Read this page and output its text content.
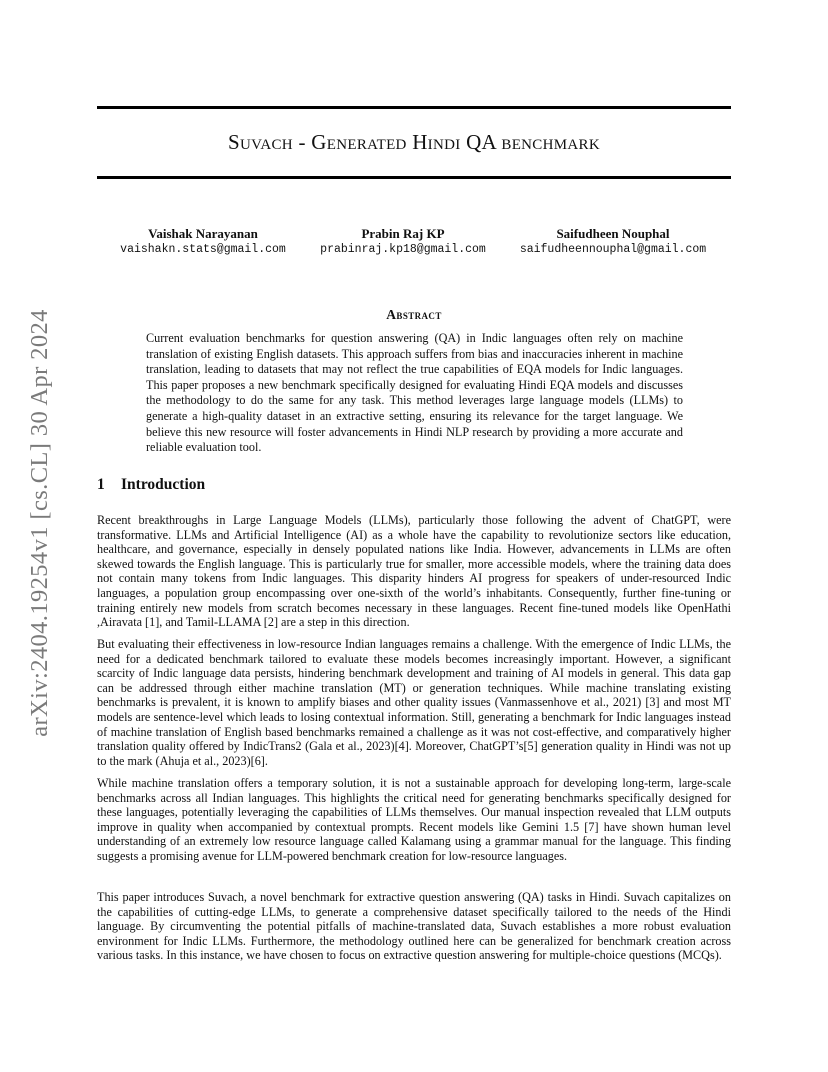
arXiv:2404.19254v1 [cs.CL] 30 Apr 2024
Suvach - Generated Hindi QA benchmark
Vaishak Narayanan
vaishakn.stats@gmail.com
Prabin Raj KP
prabinraj.kp18@gmail.com
Saifudheen Nouphal
saifudheennouphal@gmail.com
Abstract

Current evaluation benchmarks for question answering (QA) in Indic languages often rely on machine translation of existing English datasets. This approach suffers from bias and inaccuracies inherent in machine translation, leading to datasets that may not reflect the true capabilities of EQA models for Indic languages. This paper proposes a new benchmark specifically designed for evaluating Hindi EQA models and discusses the methodology to do the same for any task. This method leverages large language models (LLMs) to generate a high-quality dataset in an extractive setting, ensuring its relevance for the target language. We believe this new resource will foster advancements in Hindi NLP research by providing a more accurate and reliable evaluation tool.

1 Introduction

Recent breakthroughs in Large Language Models (LLMs), particularly those following the advent of ChatGPT, were transformative. LLMs and Artificial Intelligence (AI) as a whole have the capability to revolutionize sectors like education, healthcare, and governance, especially in densely populated nations like India. However, advancements in LLMs are often skewed towards the English language. This is particularly true for smaller, more accessible models, where the training data does not contain many tokens from Indic languages. This disparity hinders AI progress for speakers of under-resourced Indic languages, a population group encompassing over one-sixth of the world’s inhabitants. Consequently, further fine-tuning or training entirely new models from scratch becomes necessary in these languages. Recent fine-tuned models like OpenHathi ,Airavata [1], and Tamil-LLAMA [2] are a step in this direction.

But evaluating their effectiveness in low-resource Indian languages remains a challenge. With the emergence of Indic LLMs, the need for a dedicated benchmark tailored to evaluate these models becomes increasingly important. However, a significant scarcity of Indic language data persists, hindering benchmark development and training of AI models in general. This data gap can be addressed through either machine translation (MT) or generation techniques. While machine translating existing benchmarks is prevalent, it is known to amplify biases and other quality issues (Vanmassenhove et al., 2021) [3] and most MT models are sentence-level which leads to losing contextual information. Still, generating a benchmark for Indic languages instead of machine translation of English based benchmarks remained a challenge as it was not cost-effective, and comparatively higher translation quality offered by IndicTrans2 (Gala et al., 2023)[4]. Moreover, ChatGPT’s[5] generation quality in Hindi was not up to the mark (Ahuja et al., 2023)[6].

While machine translation offers a temporary solution, it is not a sustainable approach for developing long-term, large-scale benchmarks across all Indian languages. This highlights the critical need for generating benchmarks specifically designed for these languages, potentially leveraging the capabilities of LLMs themselves. Our manual inspection revealed that LLM outputs improve in quality when accompanied by contextual prompts. Recent models like Gemini 1.5 [7] have shown human level understanding of an extremely low resource language called Kalamang using a grammar manual for the language. This finding suggests a promising avenue for LLM-powered benchmark creation for low-resource languages.

This paper introduces Suvach, a novel benchmark for extractive question answering (QA) tasks in Hindi. Suvach capitalizes on the capabilities of cutting-edge LLMs, to generate a comprehensive dataset specifically tailored to the needs of the Hindi language. By circumventing the potential pitfalls of machine-translated data, Suvach establishes a more robust evaluation environment for Indic LLMs. Furthermore, the methodology outlined here can be generalized for benchmark creation across various tasks. In this instance, we have chosen to focus on extractive question answering for multiple-choice questions (MCQs).
